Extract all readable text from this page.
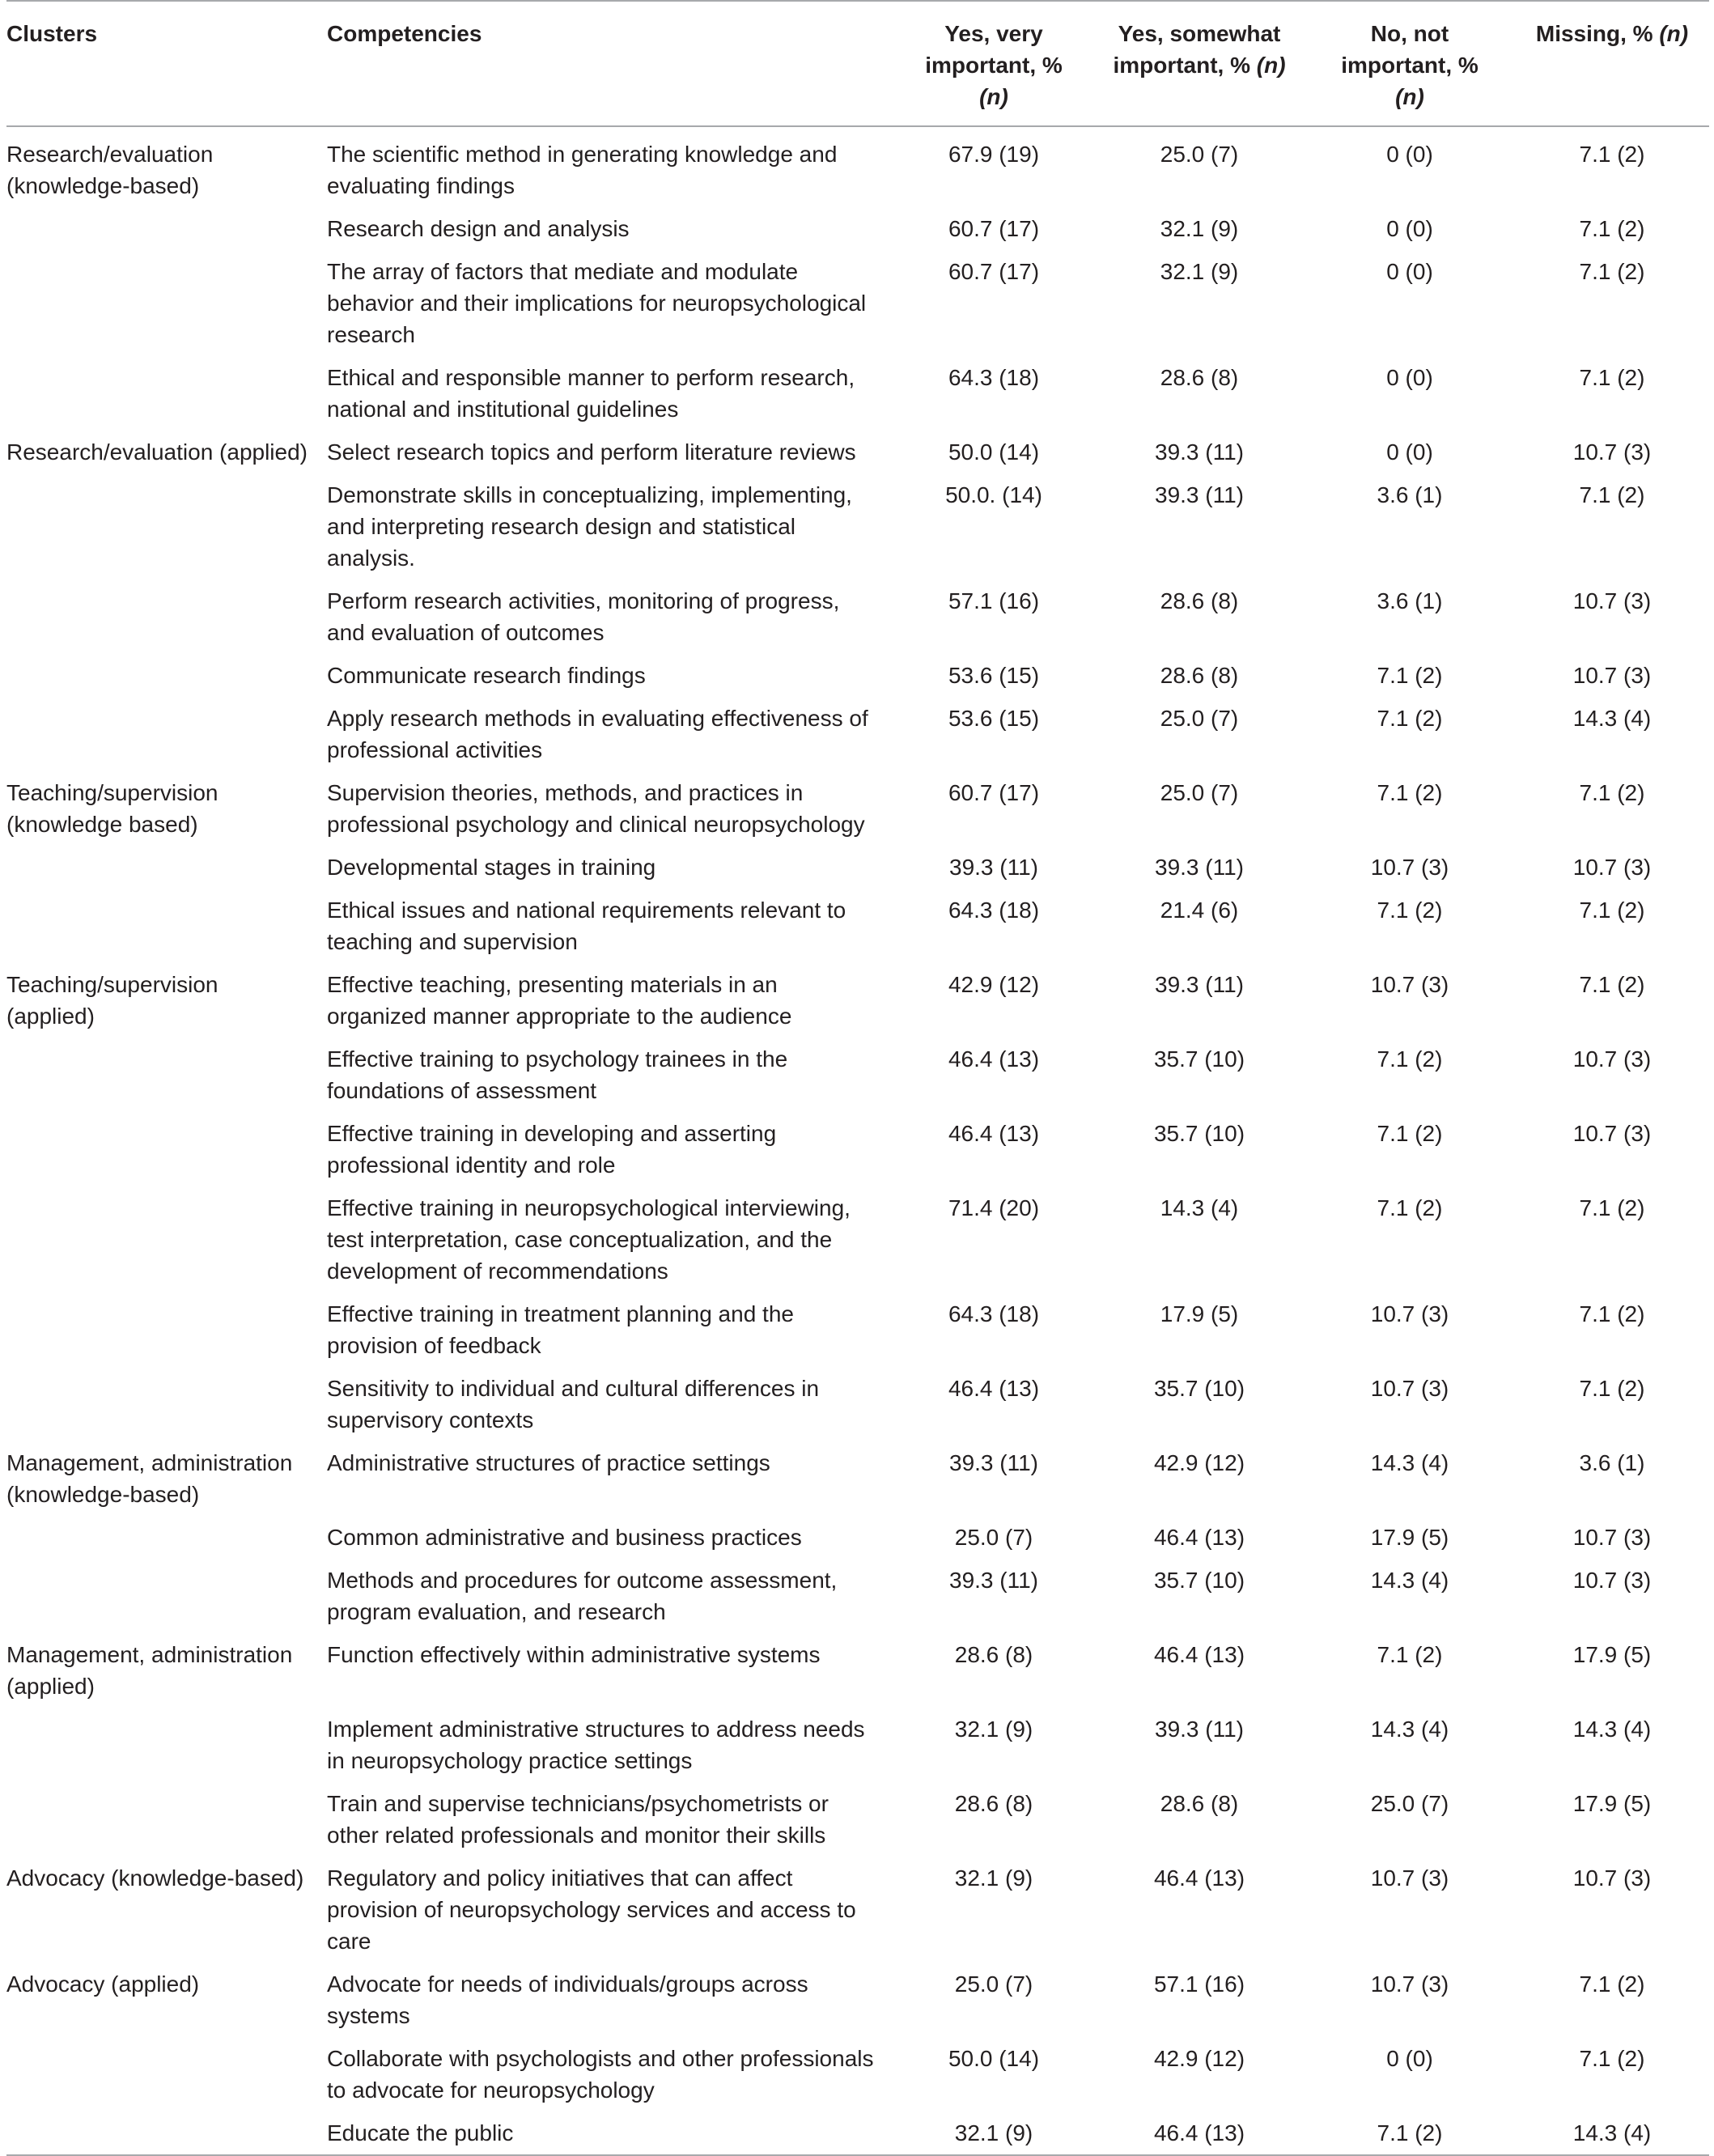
Clusters	Competencies	Yes, very
important, %
(n)	Yes, somewhat
important, % (n)	No, not
important, %
(n)	Missing, % (n)
Research/evaluation (knowledge-based)	The scientific method in generating knowledge and evaluating findings	67.9 (19)	25.0 (7)	0 (0)	7.1 (2)
	Research design and analysis	60.7 (17)	32.1 (9)	0 (0)	7.1 (2)
	The array of factors that mediate and modulate behavior and their implications for neuropsychological research	60.7 (17)	32.1 (9)	0 (0)	7.1 (2)
	Ethical and responsible manner to perform research, national and institutional guidelines	64.3 (18)	28.6 (8)	0 (0)	7.1 (2)
Research/evaluation (applied)	Select research topics and perform literature reviews	50.0 (14)	39.3 (11)	0 (0)	10.7 (3)
	Demonstrate skills in conceptualizing, implementing, and interpreting research design and statistical analysis.	50.0. (14)	39.3 (11)	3.6 (1)	7.1 (2)
	Perform research activities, monitoring of progress, and evaluation of outcomes	57.1 (16)	28.6 (8)	3.6 (1)	10.7 (3)
	Communicate research findings	53.6 (15)	28.6 (8)	7.1 (2)	10.7 (3)
	Apply research methods in evaluating effectiveness of professional activities	53.6 (15)	25.0 (7)	7.1 (2)	14.3 (4)
Teaching/supervision (knowledge based)	Supervision theories, methods, and practices in professional psychology and clinical neuropsychology	60.7 (17)	25.0 (7)	7.1 (2)	7.1 (2)
	Developmental stages in training	39.3 (11)	39.3 (11)	10.7 (3)	10.7 (3)
	Ethical issues and national requirements relevant to teaching and supervision	64.3 (18)	21.4 (6)	7.1 (2)	7.1 (2)
Teaching/supervision (applied)	Effective teaching, presenting materials in an organized manner appropriate to the audience	42.9 (12)	39.3 (11)	10.7 (3)	7.1 (2)
	Effective training to psychology trainees in the foundations of assessment	46.4 (13)	35.7 (10)	7.1 (2)	10.7 (3)
	Effective training in developing and asserting professional identity and role	46.4 (13)	35.7 (10)	7.1 (2)	10.7 (3)
	Effective training in neuropsychological interviewing, test interpretation, case conceptualization, and the development of recommendations	71.4 (20)	14.3 (4)	7.1 (2)	7.1 (2)
	Effective training in treatment planning and the provision of feedback	64.3 (18)	17.9 (5)	10.7 (3)	7.1 (2)
	Sensitivity to individual and cultural differences in supervisory contexts	46.4 (13)	35.7 (10)	10.7 (3)	7.1 (2)
Management, administration (knowledge-based)	Administrative structures of practice settings	39.3 (11)	42.9 (12)	14.3 (4)	3.6 (1)
	Common administrative and business practices	25.0 (7)	46.4 (13)	17.9 (5)	10.7 (3)
	Methods and procedures for outcome assessment, program evaluation, and research	39.3 (11)	35.7 (10)	14.3 (4)	10.7 (3)
Management, administration (applied)	Function effectively within administrative systems	28.6 (8)	46.4 (13)	7.1 (2)	17.9 (5)
	Implement administrative structures to address needs in neuropsychology practice settings	32.1 (9)	39.3 (11)	14.3 (4)	14.3 (4)
	Train and supervise technicians/psychometrists or other related professionals and monitor their skills	28.6 (8)	28.6 (8)	25.0 (7)	17.9 (5)
Advocacy (knowledge-based)	Regulatory and policy initiatives that can affect provision of neuropsychology services and access to care	32.1 (9)	46.4 (13)	10.7 (3)	10.7 (3)
Advocacy (applied)	Advocate for needs of individuals/groups across systems	25.0 (7)	57.1 (16)	10.7 (3)	7.1 (2)
	Collaborate with psychologists and other professionals to advocate for neuropsychology	50.0 (14)	42.9 (12)	0 (0)	7.1 (2)
	Educate the public	32.1 (9)	46.4 (13)	7.1 (2)	14.3 (4)
